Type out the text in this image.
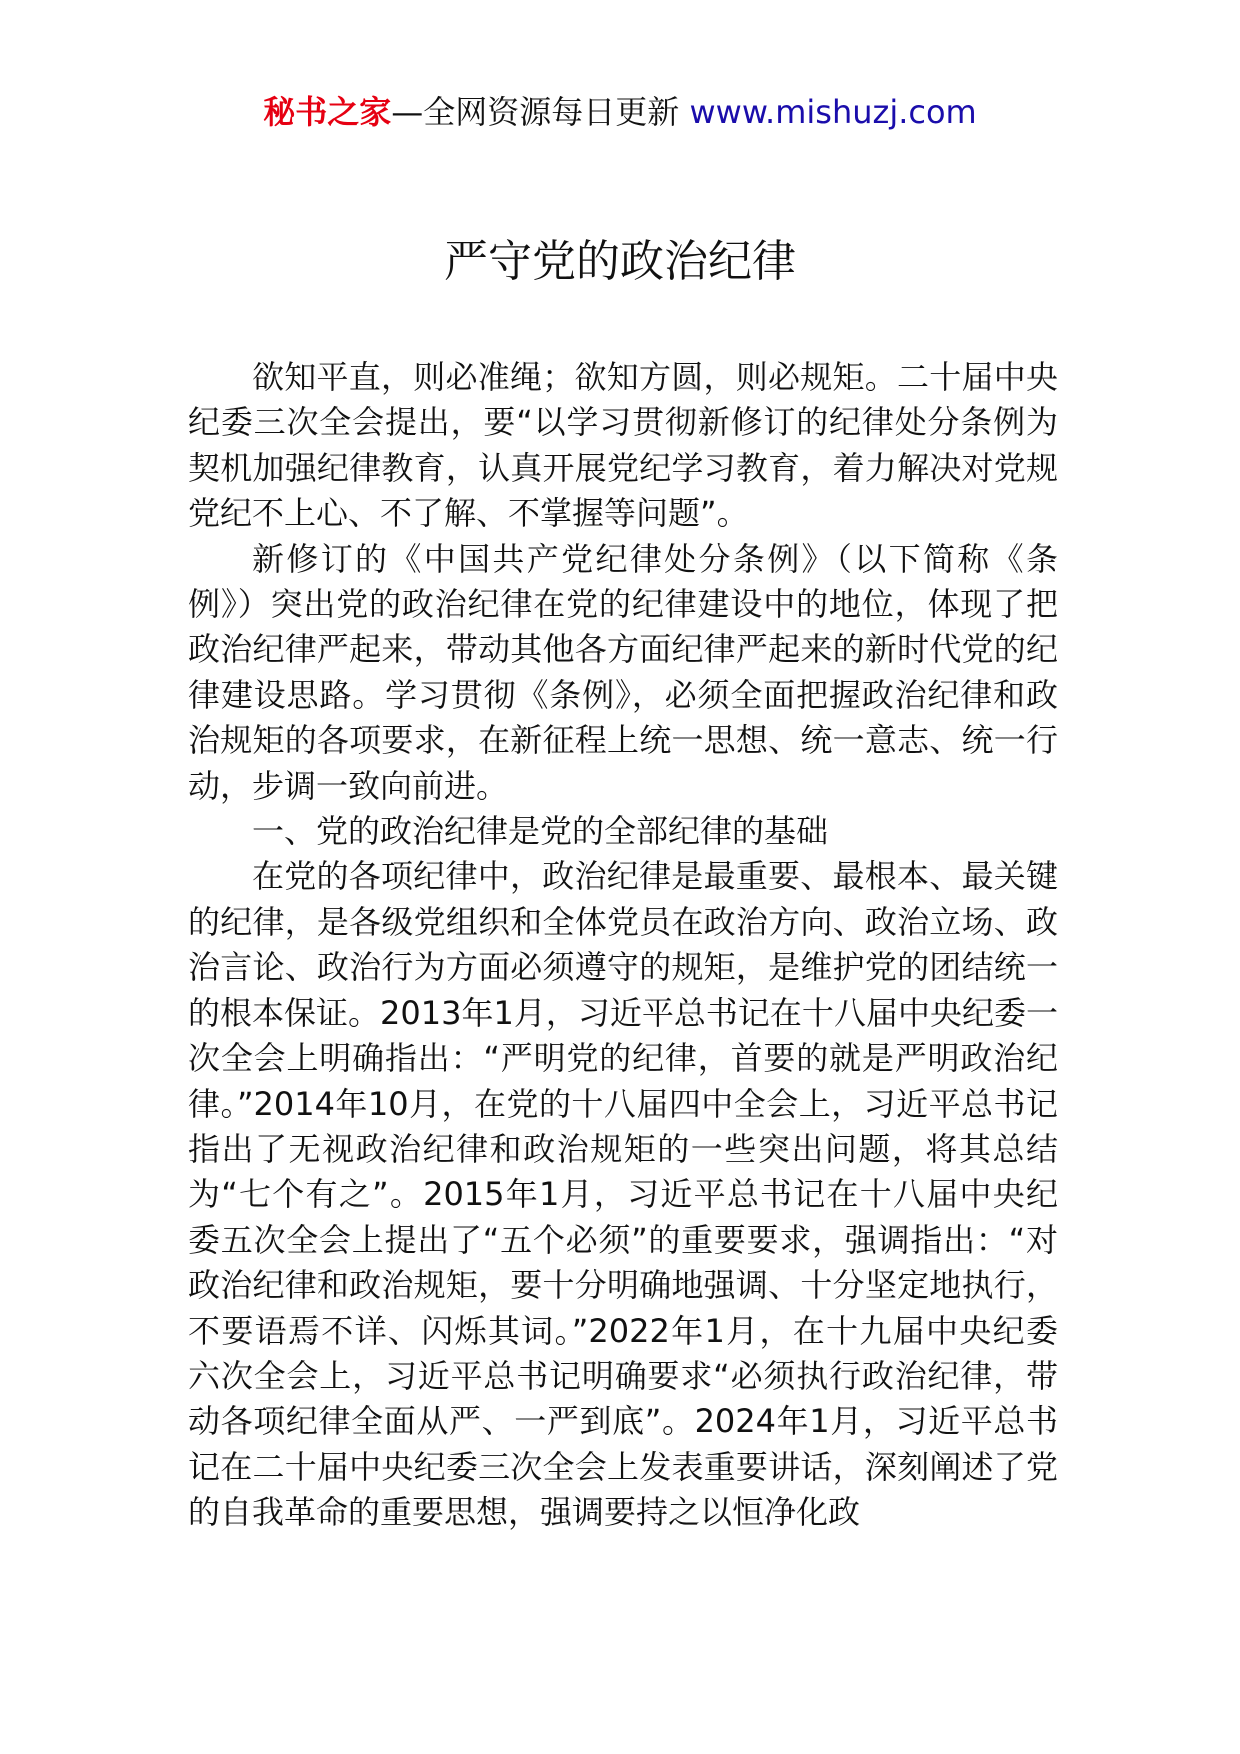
秘书之家—全网资源每日更新 www.mishuzj.com
严守党的政治纪律

欲知平直，则必准绳；欲知方圆，则必规矩。二十届中央纪委三次全会提出，要“以学习贯彻新修订的纪律处分条例为契机加强纪律教育，认真开展党纪学习教育，着力解决对党规党纪不上心、不了解、不掌握等问题”。

新修订的《中国共产党纪律处分条例》（以下简称《条例》）突出党的政治纪律在党的纪律建设中的地位，体现了把政治纪律严起来，带动其他各方面纪律严起来的新时代党的纪律建设思路。学习贯彻《条例》，必须全面把握政治纪律和政治规矩的各项要求，在新征程上统一思想、统一意志、统一行动，步调一致向前进。

一、党的政治纪律是党的全部纪律的基础

在党的各项纪律中，政治纪律是最重要、最根本、最关键的纪律，是各级党组织和全体党员在政治方向、政治立场、政治言论、政治行为方面必须遵守的规矩，是维护党的团结统一的根本保证。2013年1月，习近平总书记在十八届中央纪委一次全会上明确指出：“严明党的纪律，首要的就是严明政治纪律。”2014年10月，在党的十八届四中全会上，习近平总书记指出了无视政治纪律和政治规矩的一些突出问题，将其总结为“七个有之”。2015年1月，习近平总书记在十八届中央纪委五次全会上提出了“五个必须”的重要要求，强调指出：“对政治纪律和政治规矩，要十分明确地强调、十分坚定地执行，不要语焉不详、闪烁其词。”2022年1月，在十九届中央纪委六次全会上，习近平总书记明确要求“必须执行政治纪律，带动各项纪律全面从严、一严到底”。2024年1月，习近平总书记在二十届中央纪委三次全会上发表重要讲话，深刻阐述了党的自我革命的重要思想，强调要持之以恒净化政
